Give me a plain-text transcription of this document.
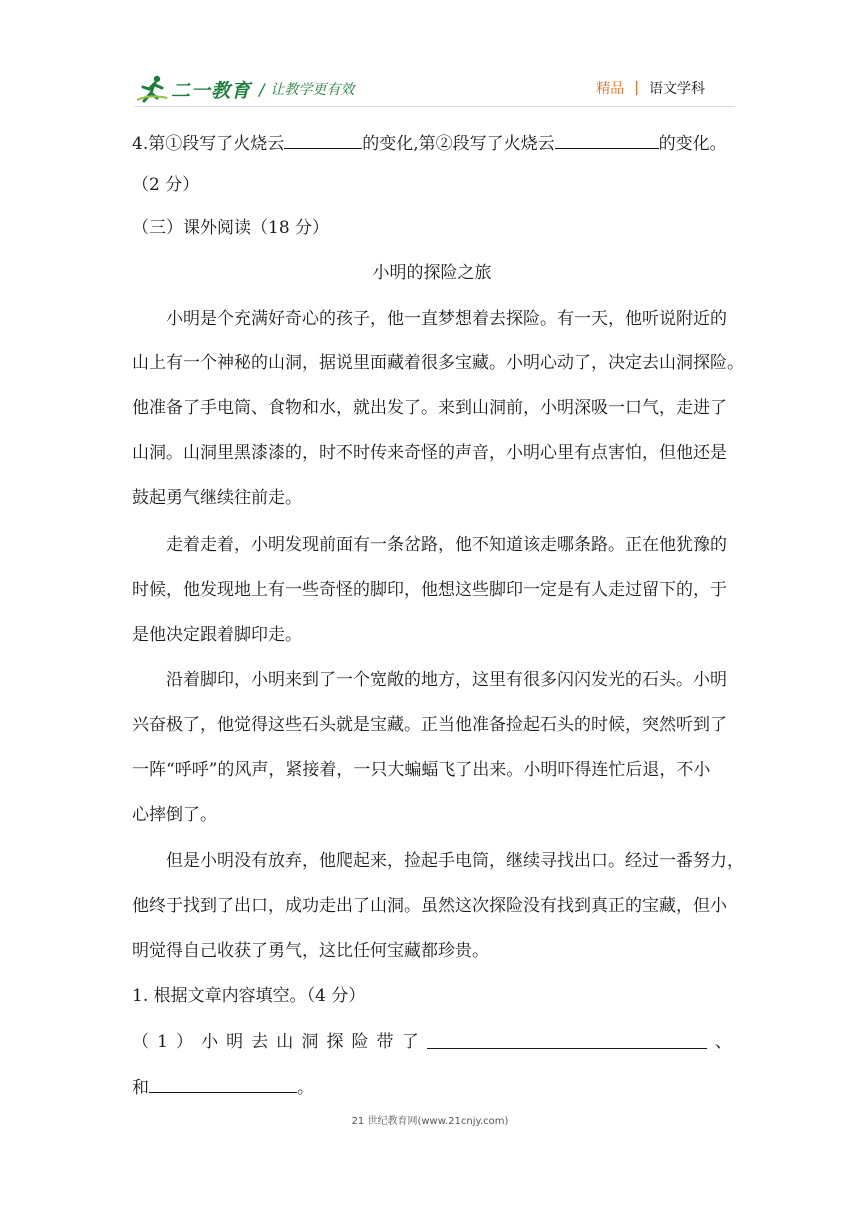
二一教育 / 让教学更有效	精品 | 语文学科
4.第①段写了火烧云	的变化,第②段写了火烧云	的变化。
（2 分）
（三）课外阅读（18 分）
小明的探险之旅
小明是个充满好奇心的孩子，他一直梦想着去探险。有一天，他听说附近的
山上有一个神秘的山洞，据说里面藏着很多宝藏。小明心动了，决定去山洞探险。
他准备了手电筒、食物和水，就出发了。来到山洞前，小明深吸一口气，走进了
山洞。山洞里黑漆漆的，时不时传来奇怪的声音，小明心里有点害怕，但他还是
鼓起勇气继续往前走。
走着走着，小明发现前面有一条岔路，他不知道该走哪条路。正在他犹豫的
时候，他发现地上有一些奇怪的脚印，他想这些脚印一定是有人走过留下的，于
是他决定跟着脚印走。
沿着脚印，小明来到了一个宽敞的地方，这里有很多闪闪发光的石头。小明
兴奋极了，他觉得这些石头就是宝藏。正当他准备捡起石头的时候，突然听到了
一阵“呼呼”的风声，紧接着，一只大蝙蝠飞了出来。小明吓得连忙后退，不小
心摔倒了。
但是小明没有放弃，他爬起来，捡起手电筒，继续寻找出口。经过一番努力，
他终于找到了出口，成功走出了山洞。虽然这次探险没有找到真正的宝藏，但小
明觉得自己收获了勇气，这比任何宝藏都珍贵。
1. 根据文章内容填空。（4 分）
（ 1 ） 小 明 去 山 洞 探 险 带 了	、
和	。
21 世纪教育网(www.21cnjy.com)
